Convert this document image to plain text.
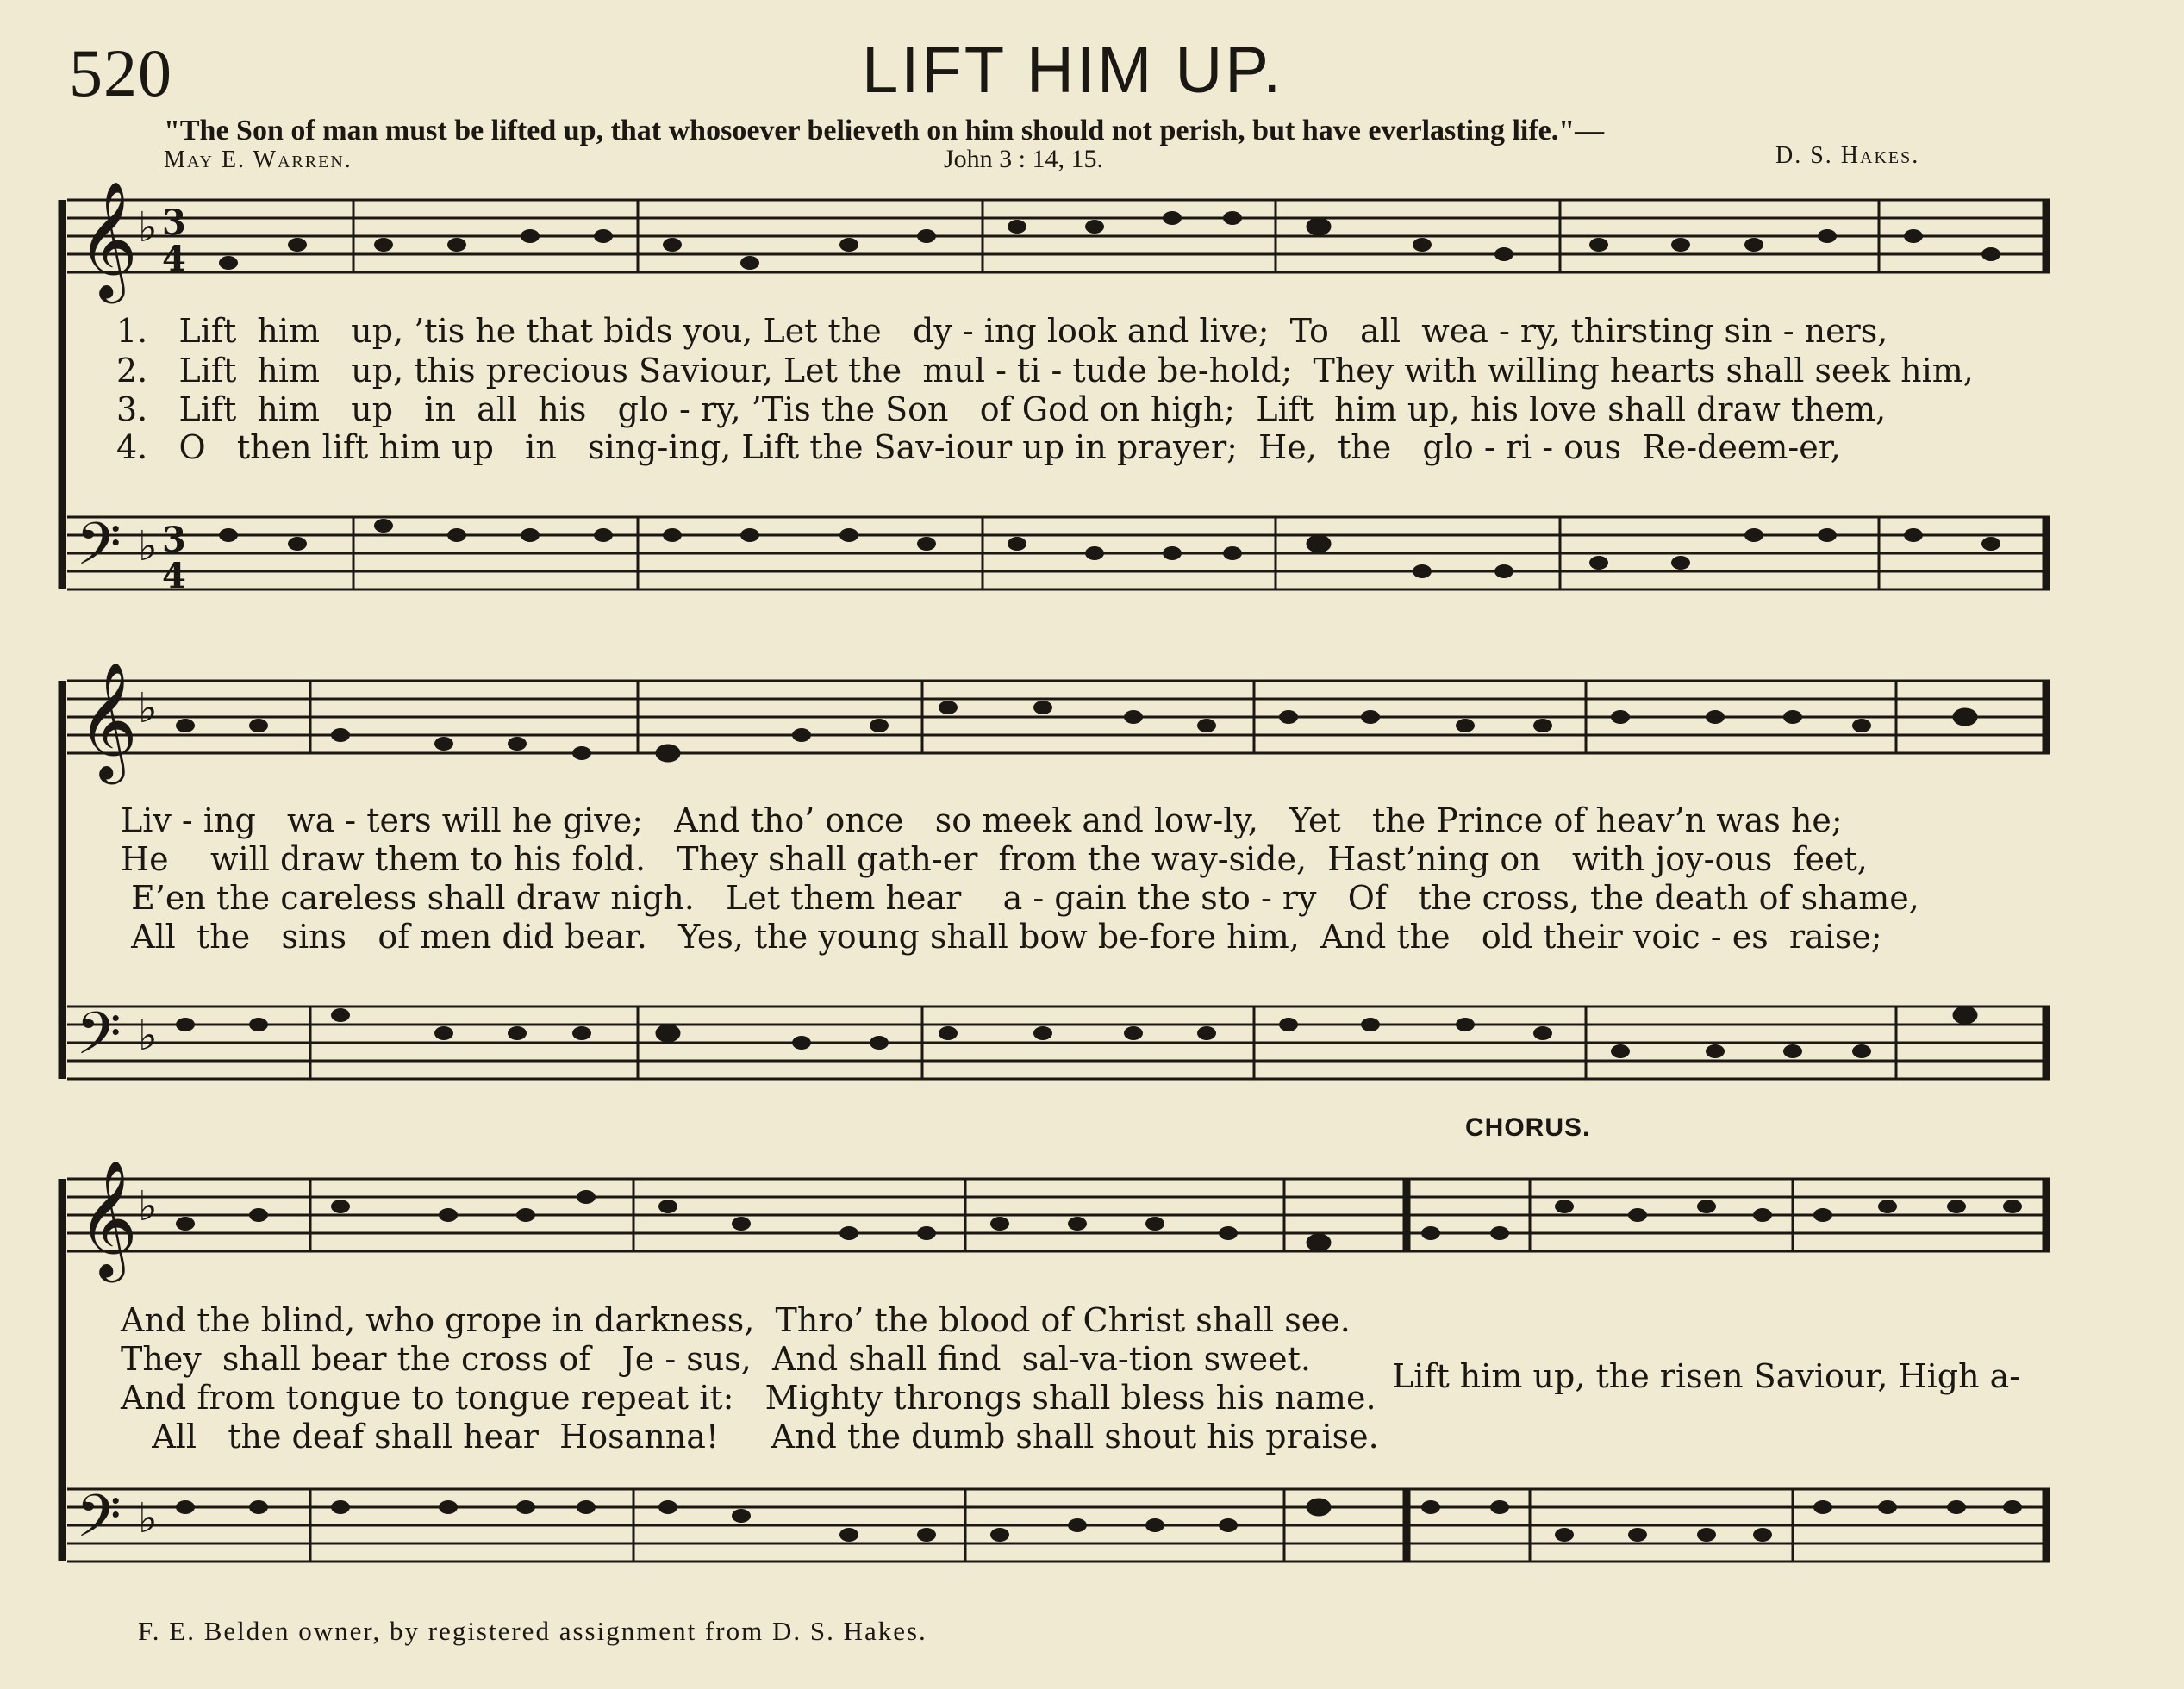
520	LIFT HIM UP.
"The Son of man must be lifted up, that whosoever believeth on him should not perish, but have everlasting life."—
May E. Warren.	John 3 : 14, 15.	D. S. Hakes.
𝄞
𝄢
♭
♭
3
4
3
4
𝄞
𝄢
♭
♭
𝄞
𝄢
♭
♭
1.   Lift  him   up, ’tis he that bids you, Let the   dy - ing look and live;  To   all  wea - ry, thirsting sin - ners,
2.   Lift  him   up, this precious Saviour, Let the  mul - ti - tude be-hold;  They with willing hearts shall seek him,
3.   Lift  him   up   in  all  his   glo - ry, ’Tis the Son   of God on high;  Lift  him up, his love shall draw them,
4.   O   then lift him up   in   sing-ing, Lift the Sav-iour up in prayer;  He,  the   glo - ri - ous  Re-deem-er,
Liv - ing   wa - ters will he give;   And tho’ once   so meek and low-ly,   Yet   the Prince of heav’n was he;
He    will draw them to his fold.   They shall gath-er  from the way-side,  Hast’ning on   with joy-ous  feet,
E’en the careless shall draw nigh.   Let them hear    a - gain the sto - ry   Of   the cross, the death of shame,
All  the   sins   of men did bear.   Yes, the young shall bow be-fore him,  And the   old their voic - es  raise;
CHORUS.
And the blind, who grope in darkness,  Thro’ the blood of Christ shall see.
They  shall bear the cross of   Je - sus,  And shall find  sal-va-tion sweet.
And from tongue to tongue repeat it:   Mighty throngs shall bless his name.
All   the deaf shall hear  Hosanna!     And the dumb shall shout his praise.
Lift him up, the risen Saviour, High a-
F. E. Belden owner, by registered assignment from D. S. Hakes.
